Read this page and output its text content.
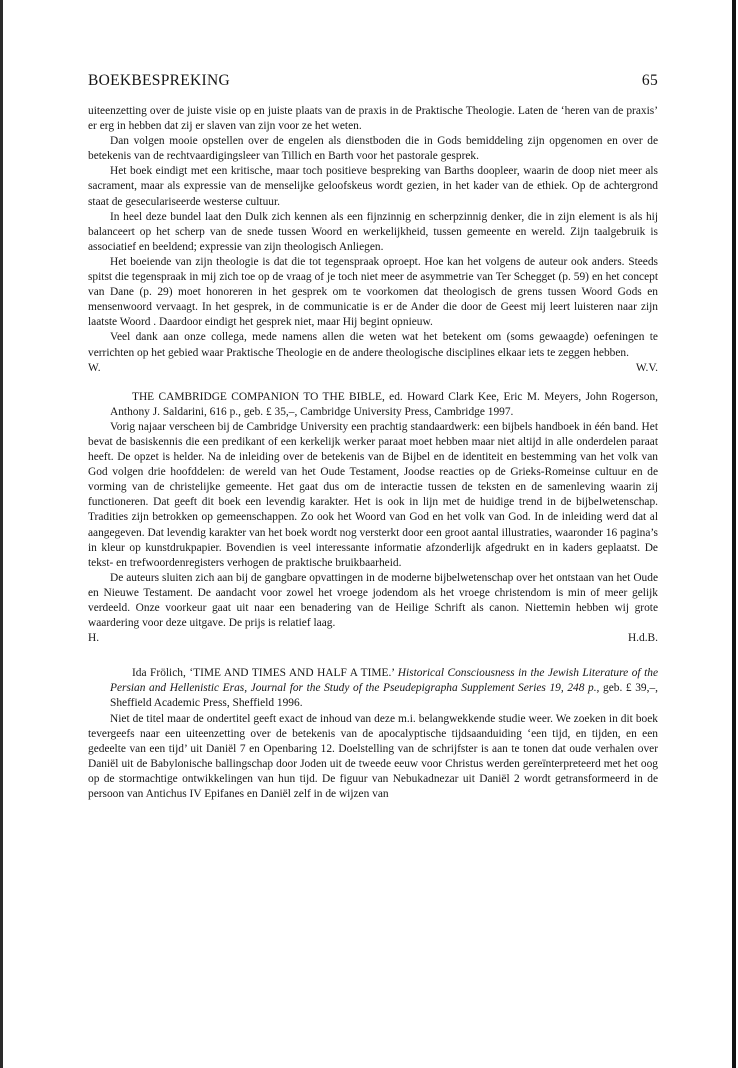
BOEKBESPREKING	65

uiteenzetting over de juiste visie op en juiste plaats van de praxis in de Praktische Theologie. Laten de ‘heren van de praxis’ er erg in hebben dat zij er slaven van zijn voor ze het weten.

Dan volgen mooie opstellen over de engelen als dienstboden die in Gods bemiddeling zijn opgenomen en over de betekenis van de rechtvaardigingsleer van Tillich en Barth voor het pastorale gesprek.

Het boek eindigt met een kritische, maar toch positieve bespreking van Barths doopleer, waarin de doop niet meer als sacrament, maar als expressie van de menselijke geloofskeus wordt gezien, in het kader van de ethiek. Op de achtergrond staat de geseculariseerde westerse cultuur.

In heel deze bundel laat den Dulk zich kennen als een fijnzinnig en scherpzinnig denker, die in zijn element is als hij balanceert op het scherp van de snede tussen Woord en werkelijkheid, tussen gemeente en wereld. Zijn taalgebruik is associatief en beeldend; expressie van zijn theologisch Anliegen.

Het boeiende van zijn theologie is dat die tot tegenspraak oproept. Hoe kan het volgens de auteur ook anders. Steeds spitst die tegenspraak in mij zich toe op de vraag of je toch niet meer de asymmetrie van Ter Schegget (p. 59) en het concept van Dane (p. 29) moet honoreren in het gesprek om te voorkomen dat theologisch de grens tussen Woord Gods en mensenwoord vervaagt. In het gesprek, in de communicatie is er de Ander die door de Geest mij leert luisteren naar zijn laatste Woord . Daardoor eindigt het gesprek niet, maar Hij begint opnieuw.

Veel dank aan onze collega, mede namens allen die weten wat het betekent om (soms gewaagde) oefeningen te verrichten op het gebied waar Praktische Theologie en de andere theologische disciplines elkaar iets te zeggen hebben.

W.	W.V.

THE CAMBRIDGE COMPANION TO THE BIBLE, ed. Howard Clark Kee, Eric M. Meyers, John Rogerson, Anthony J. Saldarini, 616 p., geb. £ 35,–, Cambridge University Press, Cambridge 1997.

Vorig najaar verscheen bij de Cambridge University een prachtig standaardwerk: een bijbels handboek in één band. Het bevat de basiskennis die een predikant of een kerkelijk werker paraat moet hebben maar niet altijd in alle onderdelen paraat heeft. De opzet is helder. Na de inleiding over de betekenis van de Bijbel en de identiteit en bestemming van het volk van God volgen drie hoofddelen: de wereld van het Oude Testament, Joodse reacties op de Grieks-Romeinse cultuur en de vorming van de christelijke gemeente. Het gaat dus om de interactie tussen de teksten en de samenleving waarin zij functioneren. Dat geeft dit boek een levendig karakter. Het is ook in lijn met de huidige trend in de bijbelwetenschap. Tradities zijn betrokken op gemeenschappen. Zo ook het Woord van God en het volk van God. In de inleiding werd dat al aangegeven. Dat levendig karakter van het boek wordt nog versterkt door een groot aantal illustraties, waaronder 16 pagina’s in kleur op kunstdrukpapier. Bovendien is veel interessante informatie afzonderlijk afgedrukt en in kaders geplaatst. De tekst- en trefwoordenregisters verhogen de praktische bruikbaarheid.

De auteurs sluiten zich aan bij de gangbare opvattingen in de moderne bijbelwetenschap over het ontstaan van het Oude en Nieuwe Testament. De aandacht voor zowel het vroege jodendom als het vroege christendom is min of meer gelijk verdeeld. Onze voorkeur gaat uit naar een benadering van de Heilige Schrift als canon. Niettemin hebben wij grote waardering voor deze uitgave. De prijs is relatief laag.

H.	H.d.B.

Ida Frölich, ‘TIME AND TIMES AND HALF A TIME.’ Historical Consciousness in the Jewish Literature of the Persian and Hellenistic Eras, Journal for the Study of the Pseudepigrapha Supplement Series 19, 248 p., geb. £ 39,–, Sheffield Academic Press, Sheffield 1996.

Niet de titel maar de ondertitel geeft exact de inhoud van deze m.i. belangwekkende studie weer. We zoeken in dit boek tevergeefs naar een uiteenzetting over de betekenis van de apocalyptische tijdsaanduiding ‘een tijd, en tijden, en een gedeelte van een tijd’ uit Daniël 7 en Openbaring 12. Doelstelling van de schrijfster is aan te tonen dat oude verhalen over Daniël uit de Babylonische ballingschap door Joden uit de tweede eeuw voor Christus werden gereïnterpreteerd met het oog op de stormachtige ontwikkelingen van hun tijd. De figuur van Nebukadnezar uit Daniël 2 wordt getransformeerd in de persoon van Antichus IV Epifanes en Daniël zelf in de wijzen van
